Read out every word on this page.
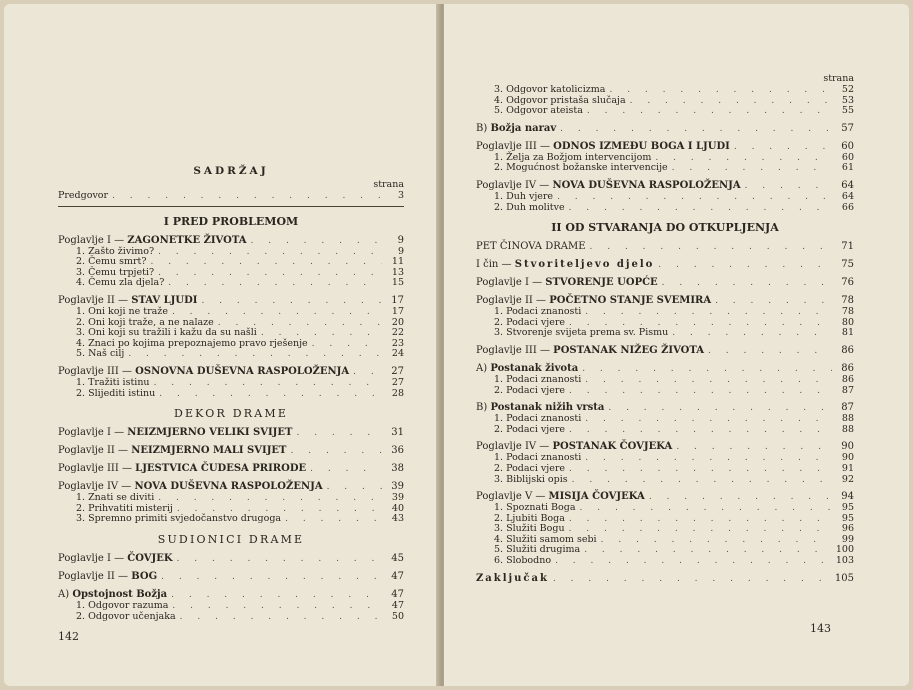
SADRŽAJ
strana
Predgovor . . .	3
I PRED PROBLEMOM
Poglavlje I — ZAGONETKE ŽIVOTA . . .	9
1. Zašto živimo? . . .	9
2. Čemu smrt? . . .	11
3. Čemu trpjeti? . . .	13
4. Čemu zla djela? . . .	15
Poglavlje II — STAV LJUDI . . .	17
1. Oni koji ne traže . . .	17
2. Oni koji traže, a ne nalaze . . .	20
3. Oni koji su tražili i kažu da su našli . . .	22
4. Znaci po kojima prepoznajemo pravo rješenje . . .	23
5. Naš cilj . . .	24
Poglavlje III — OSNOVNA DUŠEVNA RASPOLOŽENJA . . .	27
1. Tražiti istinu . . .	27
2. Slijediti istinu . . .	28
DEKOR DRAME
Poglavlje I — NEIZMJERNO VELIKI SVIJET . . .	31
Poglavlje II — NEIZMJERNO MALI SVIJET . . .	36
Poglavlje III — LJESTVICA ČUDESA PRIRODE . . .	38
Poglavlje IV — NOVA DUŠEVNA RASPOLOŽENJA . . .	39
1. Znati se diviti . . .	39
2. Prihvatiti misterij . . .	40
3. Spremno primiti svjedočanstvo drugoga . . .	43
SUDIONICI DRAME
Poglavlje I — ČOVJEK . . .	45
Poglavlje II — BOG . . .	47
A) Opstojnost Božja . . .	47
1. Odgovor razuma . . .	47
2. Odgovor učenjaka . . .	50
142
strana
3. Odgovor katolicizma . . .	52
4. Odgovor pristaša slučaja . . .	53
5. Odgovor ateista . . .	55
B) Božja narav . . .	57
Poglavlje III — ODNOS IZMEĐU BOGA I LJUDI . . .	60
1. Želja za Božjom intervencijom . . .	60
2. Mogućnost božanske intervencije . . .	61
Poglavlje IV — NOVA DUŠEVNA RASPOLOŽENJA . . .	64
1. Duh vjere . . .	64
2. Duh molitve . . .	66
II OD STVARANJA DO OTKUPLJENJA
PET ČINOVA DRAME . . .	71
I čin — Stvoriteljevo djelo . . .	75
Poglavlje I — STVORENJE UOPĆE . . .	76
Poglavlje II — POČETNO STANJE SVEMIRA . . .	78
1. Podaci znanosti . . .	78
2. Podaci vjere . . .	80
3. Stvorenje svijeta prema sv. Pismu . . .	81
Poglavlje III — POSTANAK NIŽEG ŽIVOTA . . .	86
A) Postanak života . . .	86
1. Podaci znanosti . . .	86
2. Podaci vjere . . .	87
B) Postanak nižih vrsta . . .	87
1. Podaci znanosti . . .	88
2. Podaci vjere . . .	88
Poglavlje IV — POSTANAK ČOVJEKA . . .	90
1. Podaci znanosti . . .	90
2. Podaci vjere . . .	91
3. Biblijski opis . . .	92
Poglavlje V — MISIJA ČOVJEKA . . .	94
1. Spoznati Boga . . .	95
2. Ljubiti Boga . . .	95
3. Služiti Bogu . . .	96
4. Služiti samom sebi . . .	99
5. Služiti drugima . . .	100
6. Slobodno . . .	103
Zaključak . . .	105
143
